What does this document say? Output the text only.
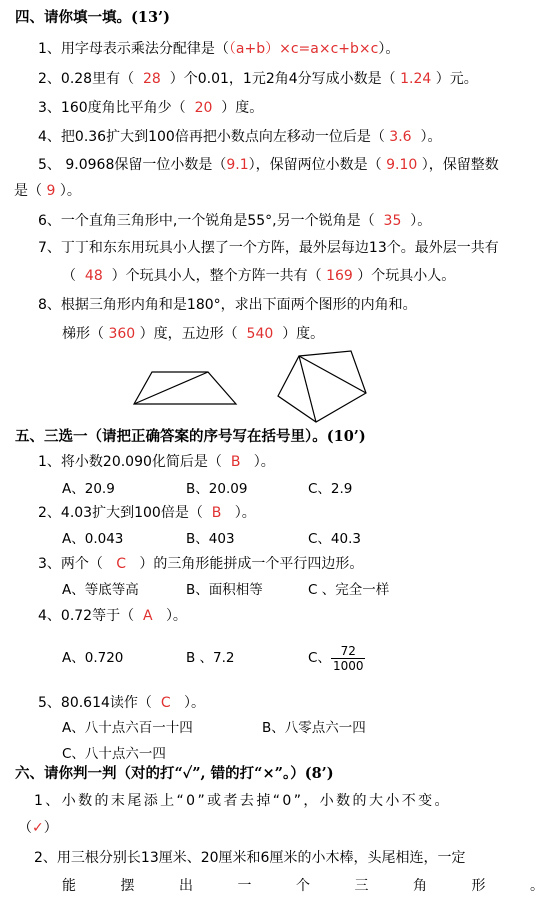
四、请你填一填。(13’)
1、用字母表示乘法分配律是（（a+b）×c=a×c+b×c）。
2、0.28里有（ 28 ）个0.01，1元2角4分写成小数是（ 1.24 ）元。
3、160度角比平角少（ 20 ）度。
4、把0.36扩大到100倍再把小数点向左移动一位后是（ 3.6 ）。
5、 9.0968保留一位小数是（9.1），保留两位小数是（ 9.10 ），保留整数
是（ 9 ）。
6、一个直角三角形中,一个锐角是55°,另一个锐角是（ 35 ）。
7、丁丁和东东用玩具小人摆了一个方阵，最外层每边13个。最外层一共有
（ 48 ）个玩具小人，整个方阵一共有（ 169 ）个玩具小人。
8、根据三角形内角和是180°，求出下面两个图形的内角和。
梯形（ 360 ）度，五边形（ 540 ）度。
五、三选一（请把正确答案的序号写在括号里）。(10’)
1、将小数20.090化简后是（ B ）。
A、20.9	B、20.09	C、2.9
2、4.03扩大到100倍是（ B ）。
A、0.043	B、403	C、40.3
3、两个（ C ）的三角形能拼成一个平行四边形。
A、等底等高	B、面积相等	C 、完全一样
4、0.72等于（ A ）。
A、0.720	B 、7.2	C、 $\frac{72}{1000}$
5、80.614读作（ C ）。
A、八十点六百一十四	B、八零点六一四
C、八十点六一四
六、请你判一判（对的打“✓”, 错的打“×”。）(8’)
1、小数的末尾添上“0”或者去掉“0”，小数的大小不变。
（✓）
2、用三根分别长13厘米、20厘米和6厘米的小木棒，头尾相连，一定
能	摆	出	一	个	三	角	形	。
